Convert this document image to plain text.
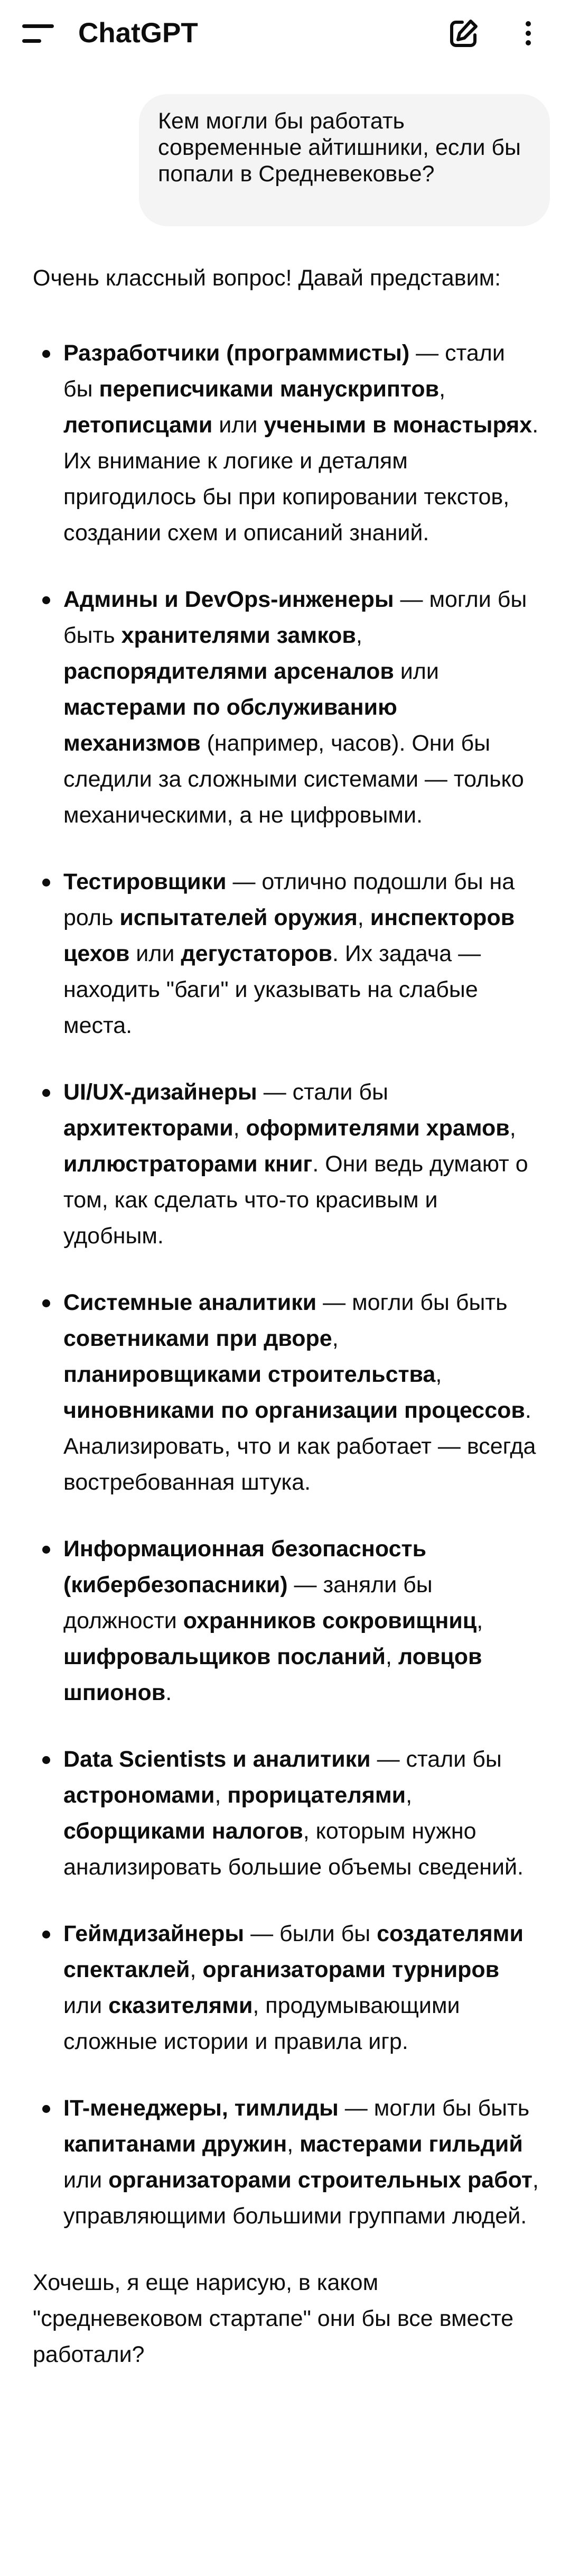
ChatGPT
Кем могли бы работать современные айтишники, если бы попали в Средневековье?

Очень классный вопрос! Давай представим:

Разработчики (программисты) — стали бы переписчиками манускриптов, летописцами или учеными в монастырях. Их внимание к логике и деталям пригодилось бы при копировании текстов, создании схем и описаний знаний.
Админы и DevOps-инженеры — могли бы быть хранителями замков, распорядителями арсеналов или мастерами по обслуживанию механизмов (например, часов). Они бы следили за сложными системами — только механическими, а не цифровыми.
Тестировщики — отлично подошли бы на роль испытателей оружия, инспекторов цехов или дегустаторов. Их задача — находить "баги" и указывать на слабые места.
UI/UX-дизайнеры — стали бы архитекторами, оформителями храмов, иллюстраторами книг. Они ведь думают о том, как сделать что-то красивым и удобным.
Системные аналитики — могли бы быть советниками при дворе, планировщиками строительства, чиновниками по организации процессов. Анализировать, что и как работает — всегда востребованная штука.
Информационная безопасность (кибербезопасники) — заняли бы должности охранников сокровищниц, шифровальщиков посланий, ловцов шпионов.
Data Scientists и аналитики — стали бы астрономами, прорицателями, сборщиками налогов, которым нужно анализировать большие объемы сведений.
Геймдизайнеры — были бы создателями спектаклей, организаторами турниров или сказителями, продумывающими сложные истории и правила игр.
IT-менеджеры, тимлиды — могли бы быть капитанами дружин, мастерами гильдий или организаторами строительных работ, управляющими большими группами людей.

Хочешь, я еще нарисую, в каком "средневековом стартапе" они бы все вместе работали?
